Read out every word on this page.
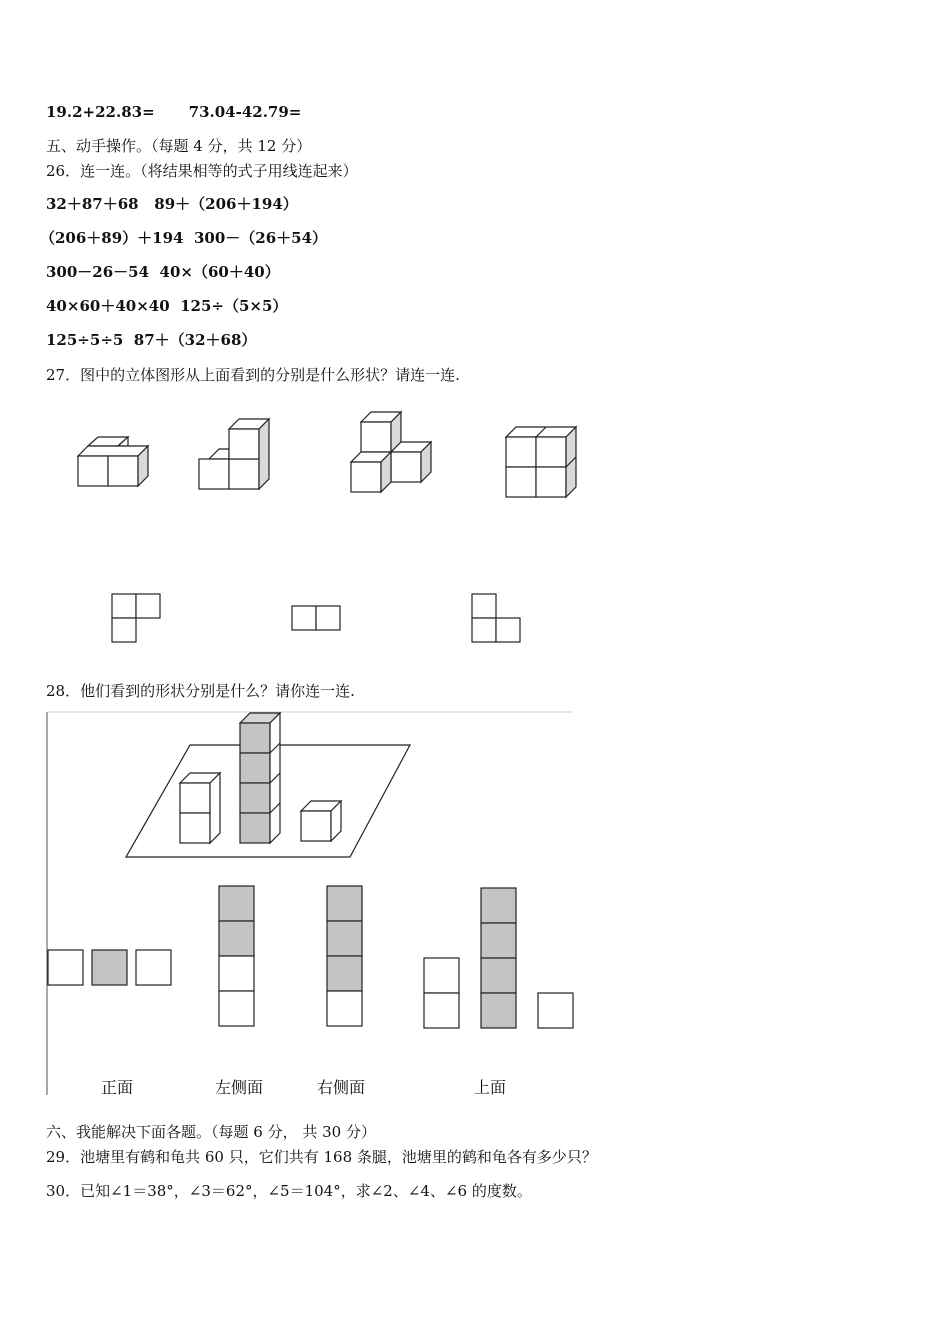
19.2+22.83= 73.04-42.79=
五、动手操作。（每题 4 分，共 12 分）
26．连一连。（将结果相等的式子用线连起来）
32＋87＋68 89＋（206＋194）
（206＋89）＋194 300－（26＋54）
300－26－54 40×（60＋40）
40×60＋40×40 125÷（5×5）
125÷5÷5 87＋（32＋68）
27．图中的立体图形从上面看到的分别是什么形状？请连一连.
28．他们看到的形状分别是什么？请你连一连.
正面	左侧面	右侧面	上面
六、我能解决下面各题。（每题 6 分， 共 30 分）
29．池塘里有鹤和龟共 60 只，它们共有 168 条腿，池塘里的鹤和龟各有多少只？
30．已知∠1＝38°，∠3＝62°，∠5＝104°，求∠2、∠4、∠6 的度数。
